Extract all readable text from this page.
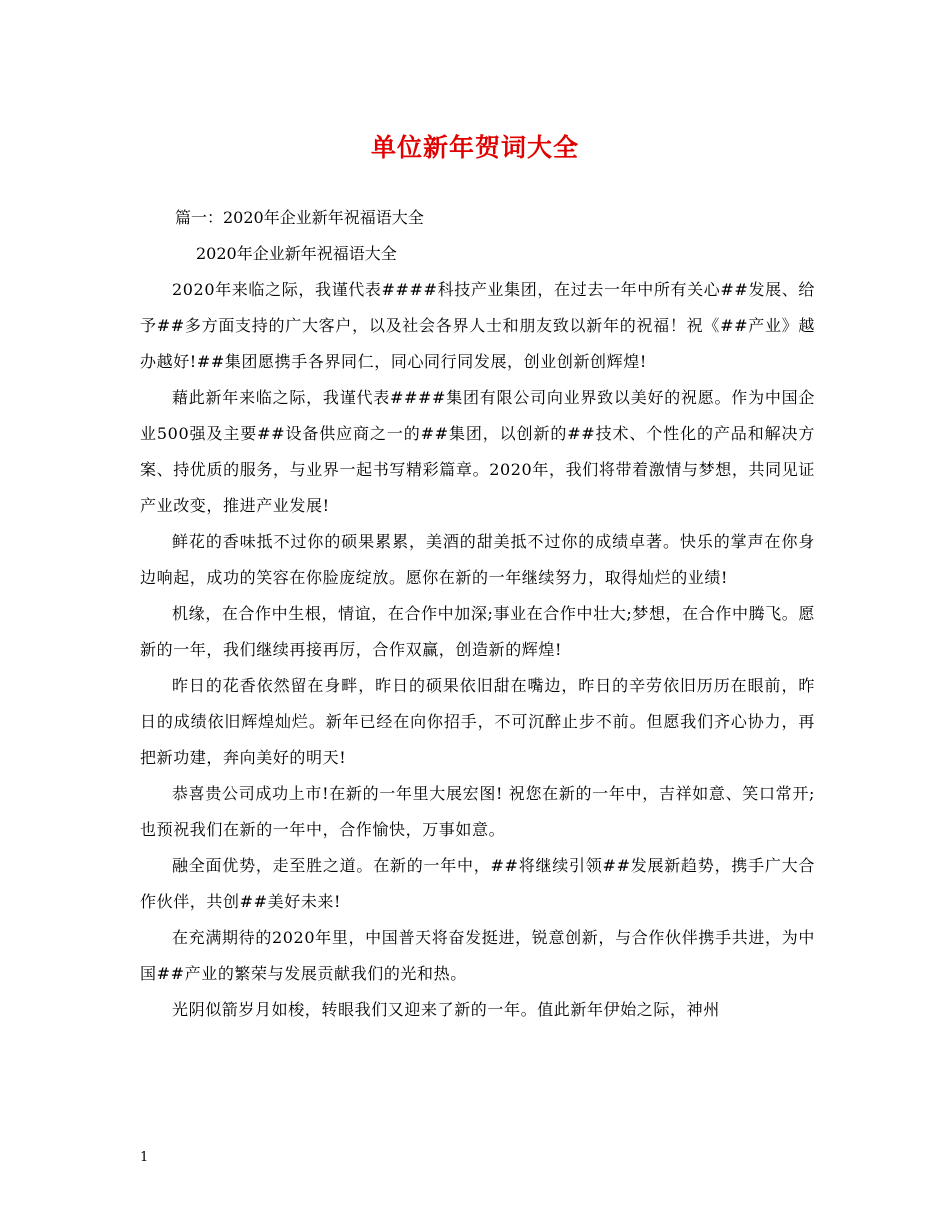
单位新年贺词大全
篇一：2020年企业新年祝福语大全
2020年企业新年祝福语大全
2020年来临之际，我谨代表####科技产业集团，在过去一年中所有关心##发展、给予##多方面支持的广大客户，以及社会各界人士和朋友致以新年的祝福！祝《##产业》越办越好!##集团愿携手各界同仁，同心同行同发展，创业创新创辉煌!
藉此新年来临之际，我谨代表####集团有限公司向业界致以美好的祝愿。作为中国企业500强及主要##设备供应商之一的##集团，以创新的##技术、个性化的产品和解决方案、持优质的服务，与业界一起书写精彩篇章。2020年，我们将带着激情与梦想，共同见证产业改变，推进产业发展!
鲜花的香味抵不过你的硕果累累，美酒的甜美抵不过你的成绩卓著。快乐的掌声在你身边响起，成功的笑容在你脸庞绽放。愿你在新的一年继续努力，取得灿烂的业绩!
机缘，在合作中生根，情谊，在合作中加深;事业在合作中壮大;梦想，在合作中腾飞。愿新的一年，我们继续再接再厉，合作双赢，创造新的辉煌!
昨日的花香依然留在身畔，昨日的硕果依旧甜在嘴边，昨日的辛劳依旧历历在眼前，昨日的成绩依旧辉煌灿烂。新年已经在向你招手，不可沉醉止步不前。但愿我们齐心协力，再把新功建，奔向美好的明天!
恭喜贵公司成功上市!在新的一年里大展宏图! 祝您在新的一年中，吉祥如意、笑口常开;也预祝我们在新的一年中，合作愉快，万事如意。
融全面优势，走至胜之道。在新的一年中，##将继续引领##发展新趋势，携手广大合作伙伴，共创##美好未来!
在充满期待的2020年里，中国普天将奋发挺进，锐意创新，与合作伙伴携手共进，为中国##产业的繁荣与发展贡献我们的光和热。
光阴似箭岁月如梭，转眼我们又迎来了新的一年。值此新年伊始之际，神州
1
